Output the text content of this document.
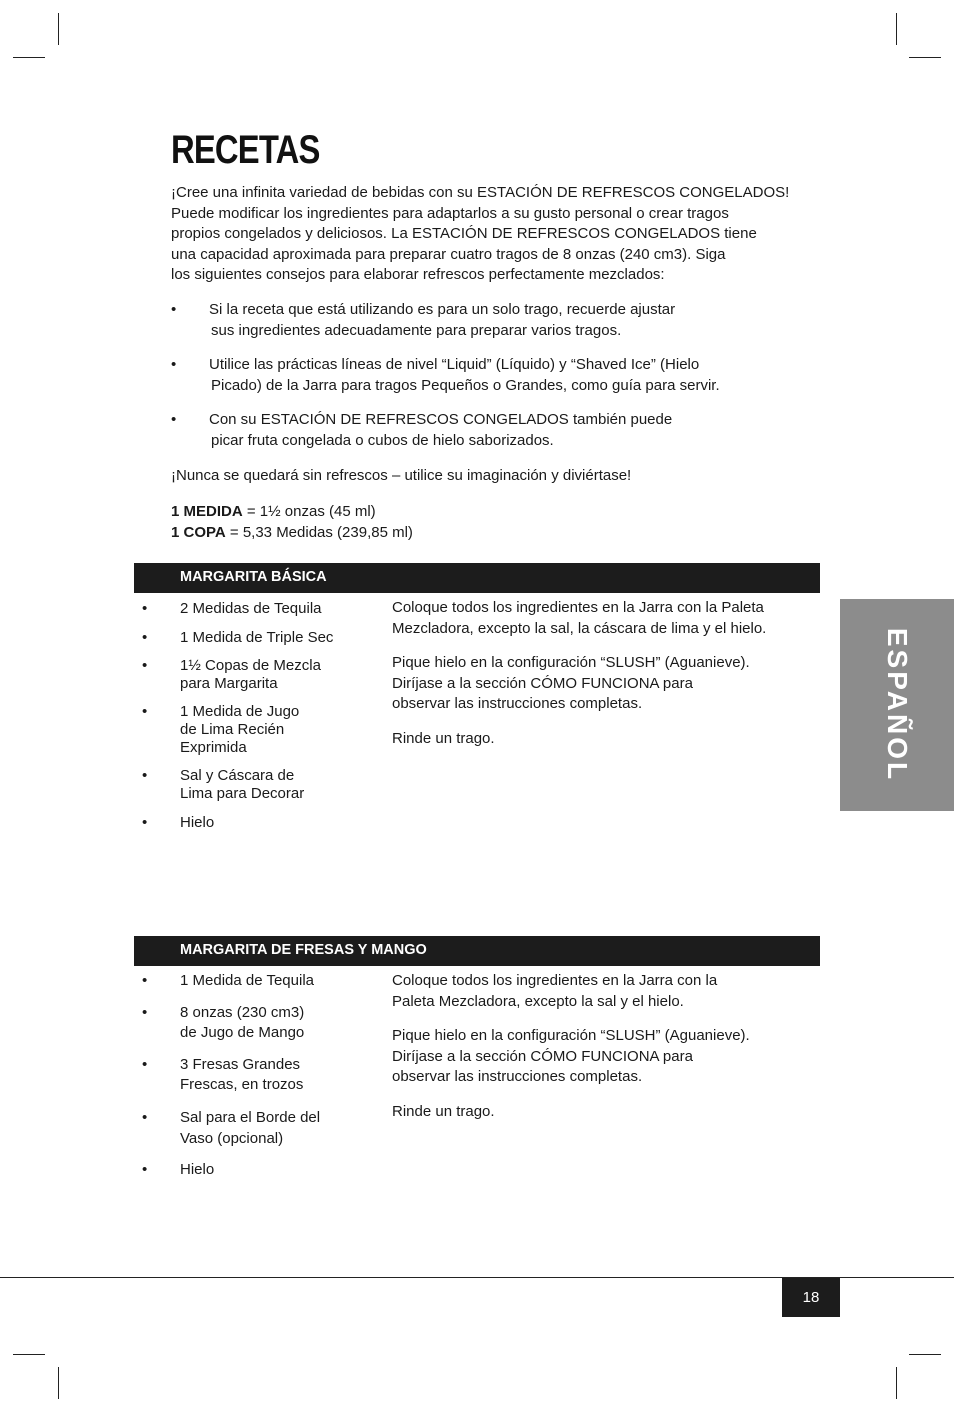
RECETAS
¡Cree una infinita variedad de bebidas con su ESTACIÓN DE REFRESCOS CONGELADOS!
Puede modificar los ingredientes para adaptarlos a su gusto personal o crear tragos
propios congelados y deliciosos. La ESTACIÓN DE REFRESCOS CONGELADOS tiene
una capacidad aproximada para preparar cuatro tragos de 8 onzas (240 cm3). Siga
los siguientes consejos para elaborar refrescos perfectamente mezclados:
• Si la receta que está utilizando es para un solo trago, recuerde ajustar
sus ingredientes adecuadamente para preparar varios tragos.
• Utilice las prácticas líneas de nivel “Liquid” (Líquido) y “Shaved Ice” (Hielo
Picado) de la Jarra para tragos Pequeños o Grandes, como guía para servir.
• Con su ESTACIÓN DE REFRESCOS CONGELADOS también puede
picar fruta congelada o cubos de hielo saborizados.
¡Nunca se quedará sin refrescos – utilice su imaginación y diviértase!
1 MEDIDA = 1½ onzas (45 ml)
1 COPA = 5,33 Medidas (239,85 ml)
MARGARITA BÁSICA
• 2 Medidas de Tequila
• 1 Medida de Triple Sec
• 1½ Copas de Mezcla
para Margarita
• 1 Medida de Jugo
de Lima Recién
Exprimida
• Sal y Cáscara de
Lima para Decorar
• Hielo

Coloque todos los ingredientes en la Jarra con la Paleta
Mezcladora, excepto la sal, la cáscara de lima y el hielo.

Pique hielo en la configuración “SLUSH” (Aguanieve).
Diríjase a la sección CÓMO FUNCIONA para
observar las instrucciones completas.

Rinde un trago.

MARGARITA DE FRESAS Y MANGO
• 1 Medida de Tequila
• 8 onzas (230 cm3)
de Jugo de Mango
• 3 Fresas Grandes
Frescas, en trozos
• Sal para el Borde del
Vaso (opcional)
• Hielo

Coloque todos los ingredientes en la Jarra con la
Paleta Mezcladora, excepto la sal y el hielo.

Pique hielo en la configuración “SLUSH” (Aguanieve).
Diríjase a la sección CÓMO FUNCIONA para
observar las instrucciones completas.

Rinde un trago.

ESPAÑOL
18
